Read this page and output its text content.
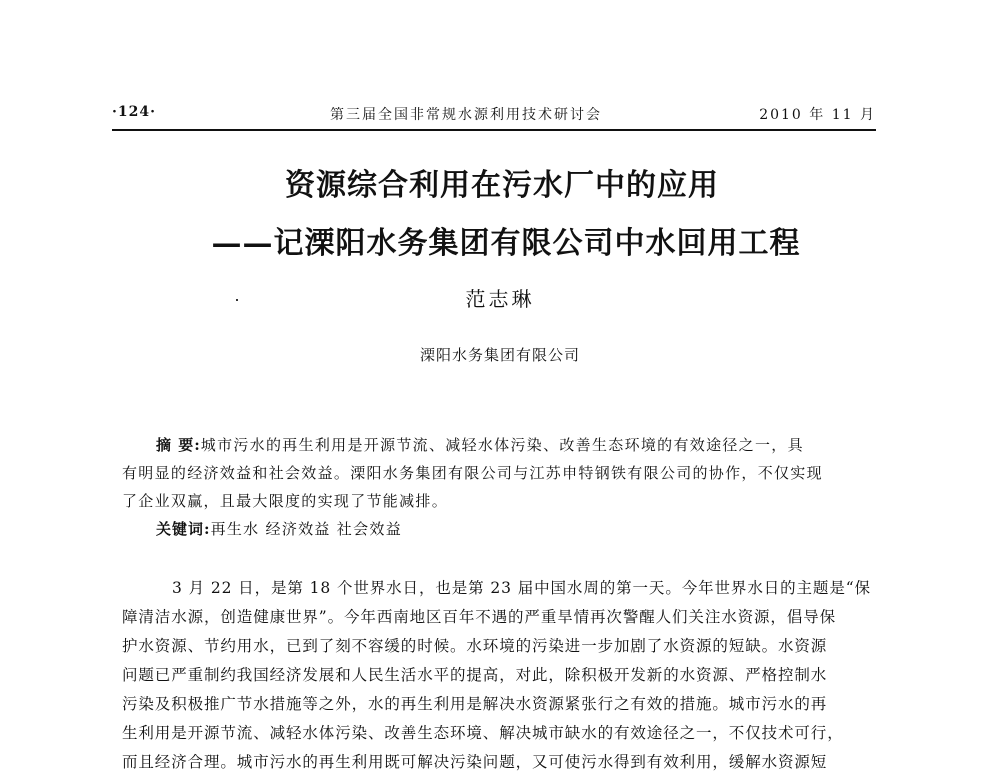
·124·	第三届全国非常规水源利用技术研讨会	2010 年 11 月
资源综合利用在污水厂中的应用
——记溧阳水务集团有限公司中水回用工程
范志琳
溧阳水务集团有限公司
摘 要:城市污水的再生利用是开源节流、减轻水体污染、改善生态环境的有效途径之一，具
有明显的经济效益和社会效益。溧阳水务集团有限公司与江苏申特钢铁有限公司的协作，不仅实现
了企业双赢，且最大限度的实现了节能减排。
关键词:再生水 经济效益 社会效益
3 月 22 日，是第 18 个世界水日，也是第 23 届中国水周的第一天。今年世界水日的主题是“保
障清洁水源，创造健康世界”。今年西南地区百年不遇的严重旱情再次警醒人们关注水资源，倡导保
护水资源、节约用水，已到了刻不容缓的时候。水环境的污染进一步加剧了水资源的短缺。水资源
问题已严重制约我国经济发展和人民生活水平的提高，对此，除积极开发新的水资源、严格控制水
污染及积极推广节水措施等之外，水的再生利用是解决水资源紧张行之有效的措施。城市污水的再
生利用是开源节流、减轻水体污染、改善生态环境、解决城市缺水的有效途径之一，不仅技术可行，
而且经济合理。城市污水的再生利用既可解决污染问题，又可使污水得到有效利用，缓解水资源短
